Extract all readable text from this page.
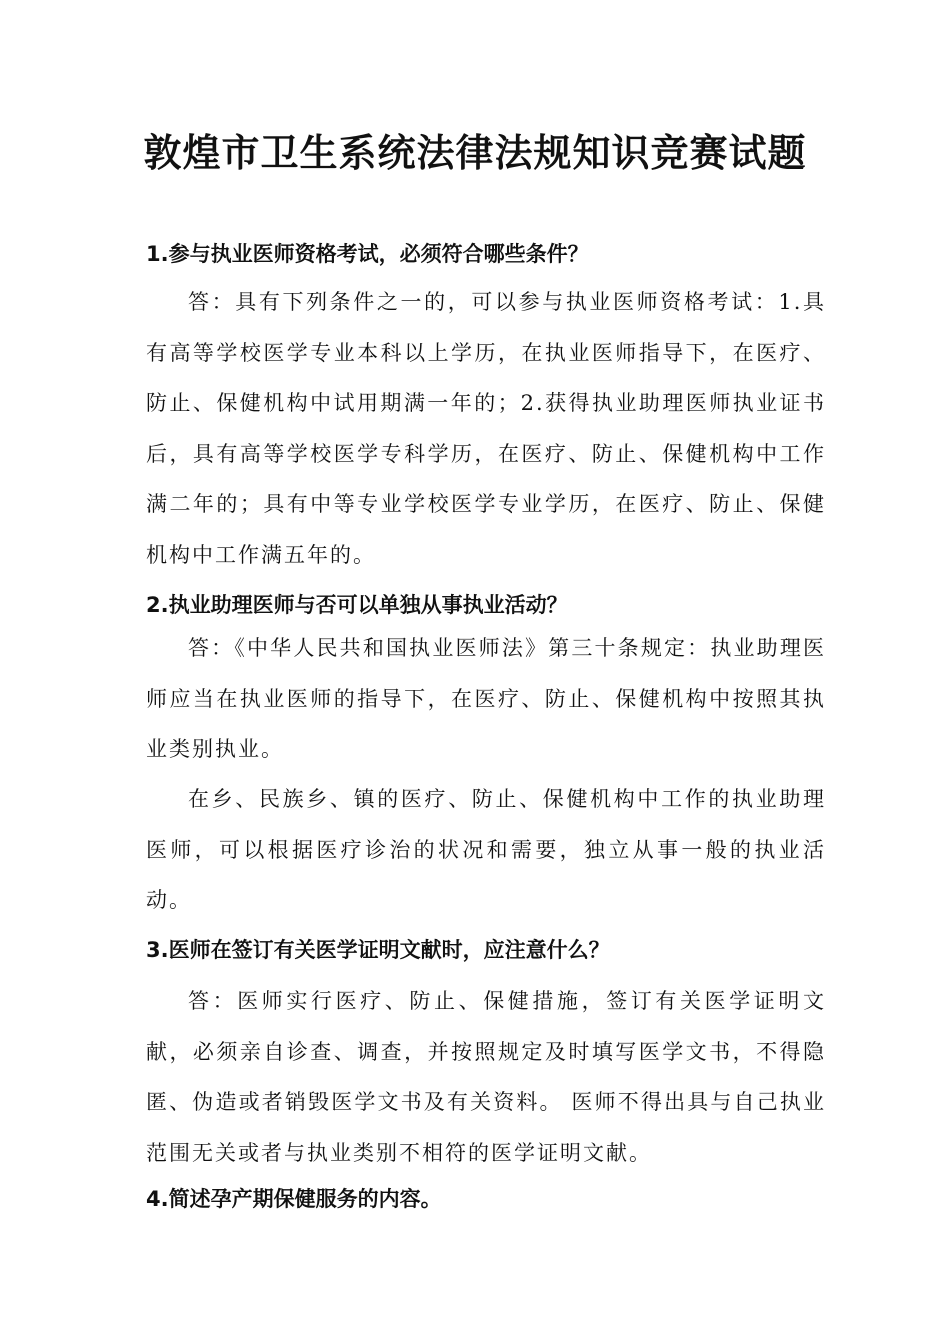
敦煌市卫生系统法律法规知识竞赛试题
1.参与执业医师资格考试，必须符合哪些条件？

答：具有下列条件之一的，可以参与执业医师资格考试：1.具有高等学校医学专业本科以上学历，在执业医师指导下，在医疗、防止、保健机构中试用期满一年的；2.获得执业助理医师执业证书后，具有高等学校医学专科学历，在医疗、防止、保健机构中工作满二年的；具有中等专业学校医学专业学历，在医疗、防止、保健机构中工作满五年的。

2.执业助理医师与否可以单独从事执业活动？

答：《中华人民共和国执业医师法》第三十条规定：执业助理医师应当在执业医师的指导下，在医疗、防止、保健机构中按照其执业类别执业。

在乡、民族乡、镇的医疗、防止、保健机构中工作的执业助理医师，可以根据医疗诊治的状况和需要，独立从事一般的执业活动。

3.医师在签订有关医学证明文献时，应注意什么？

答：医师实行医疗、防止、保健措施，签订有关医学证明文献，必须亲自诊查、调查，并按照规定及时填写医学文书，不得隐匿、伪造或者销毁医学文书及有关资料。 医师不得出具与自己执业范围无关或者与执业类别不相符的医学证明文献。

4.简述孕产期保健服务的内容。
